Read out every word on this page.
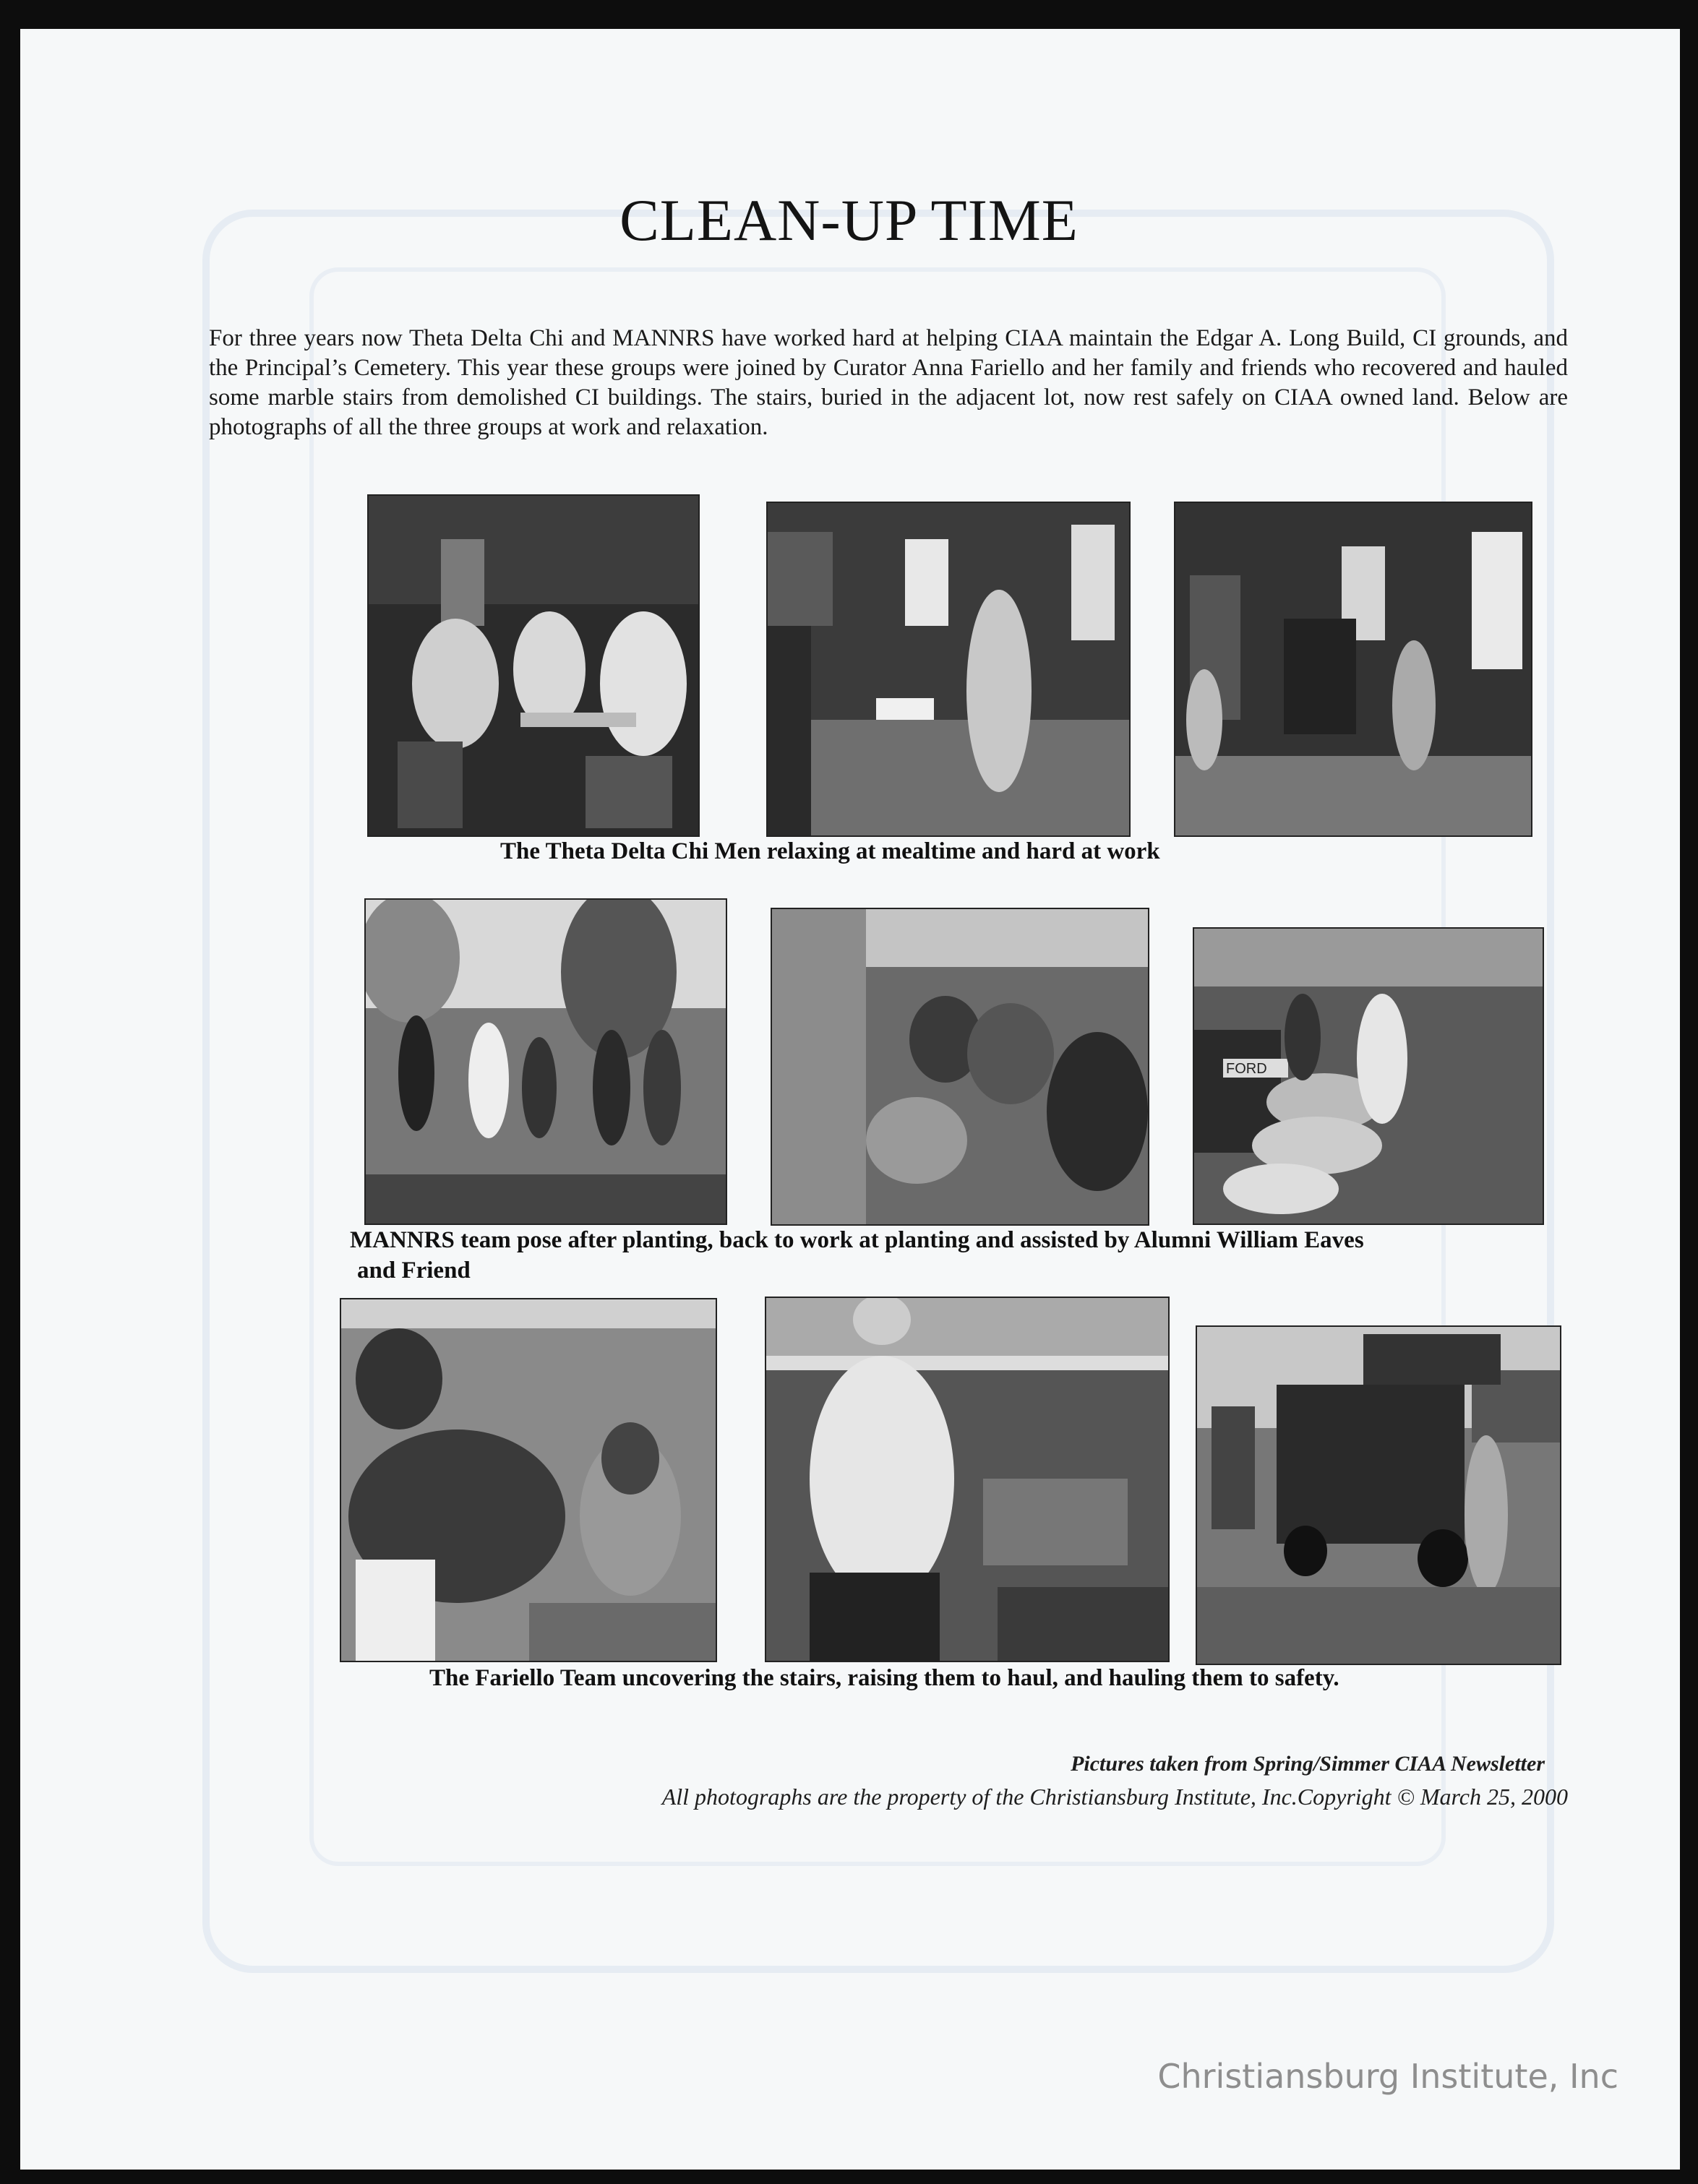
CLEAN-UP TIME
For three years now Theta Delta Chi and MANNRS have worked hard at helping CIAA maintain the Edgar A. Long Build, CI grounds, and the Principal’s Cemetery. This year these groups were joined by Curator Anna Fariello and her family and friends who recovered and hauled some marble stairs from demolished CI buildings. The stairs, buried in the adjacent lot, now rest safely on CIAA owned land. Below are photographs of all the three groups at work and relaxation.
The Theta Delta Chi Men relaxing at mealtime and hard at work
FORD
MANNRS team pose after planting, back to work at planting and assisted by Alumni William Eaves
and Friend
The Fariello Team uncovering the stairs, raising them to haul, and hauling them to safety.
Pictures taken from Spring/Simmer CIAA Newsletter
All photographs are the property of the Christiansburg Institute, Inc.Copyright © March 25, 2000
Christiansburg Institute, Inc
